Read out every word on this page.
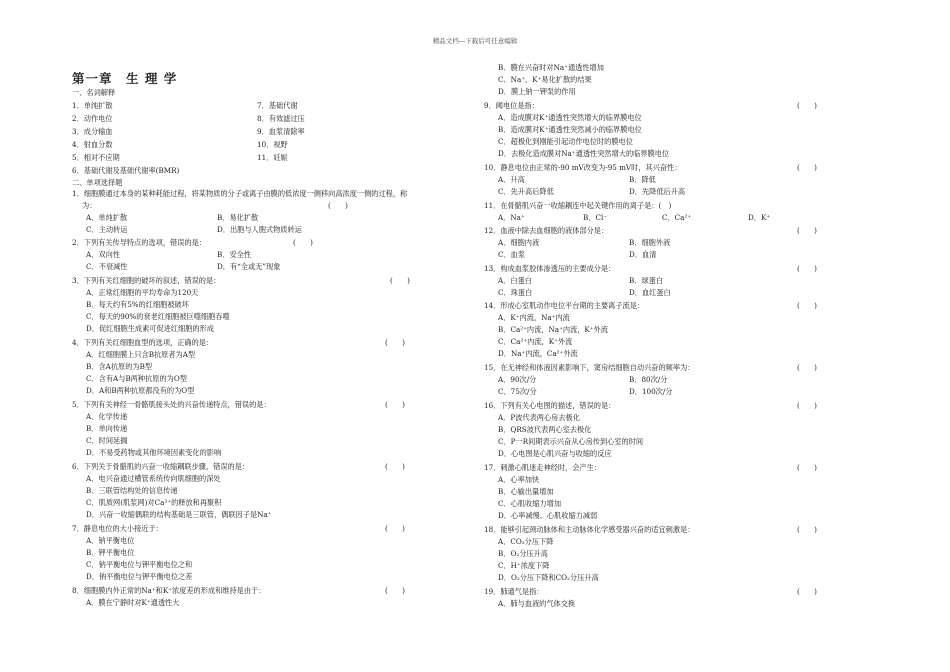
精品文档---下载后可任意编辑
第一章　生 理 学
一、名词解释
1．单纯扩散
2．动作电位
3．成分输血
4．射血分数
5．相对不应期
6．基础代谢及基础代谢率(BMR)
7．基础代谢
8．有效滤过压
9．血浆清除率
10．视野
11．妊娠
二、单项选择题
1．细胞膜通过本身的某种耗能过程，将某物质的分子或离子由膜的低浓度一侧移向高浓度一侧的过程，称
为：	(　　)
A．单纯扩散	B．易化扩散
C．主动转运	D．出胞与人胞式物质转运
2．下列有关传导特点的选项，错误的是：	(　　)
A．双向性	B．安全性
C．不衰减性	D．有“全或无”现象
3．下列有关红细胞的破坏的叙述，错误的是：	(　　)
A．正常红细胞的平均寿命为120天
B．每天约有5%的红细胞被破坏
C．每天的90%的衰老红细胞被巨噬细胞吞噬
D．促红细胞生成素可促进红细胞的形成
4．下列有关红细胞血型的选项，正确的是：	(　　)
A．红细胞膜上只含B抗原者为A型
B．含A抗原的为B型
C．含有A与B两种抗原的为O型
D．A和B两种抗原都没有的为O型
5．下列有关神经一骨骼肌接头处的兴奋传递特点，错误的是：	(　　)
A．化学传递
B．单向传递
C．时间延搁
D．不易受药物或其他环境因素变化的影响
6．下列关于骨骼肌的兴奋一收缩耦联步骤，错误的是：	(　　)
A．电兴奋通过横管系统传向肌细胞的深处
B．三联管结构处的信息传递
C．肌质网(肌浆网)对Ca²⁺的释放和再聚积
D．兴奋一收缩偶联的结构基础是三联管，偶联因子是Na⁺
7．静息电位的大小接近于：	(　　)
A．钠平衡电位
B．钾平衡电位
C．钠平衡电位与钾平衡电位之和
D．钠平衡电位与钾平衡电位之差
8．细胞膜内外正常的Na⁺和K⁺浓度差的形成和维持是由于：	(　　)
A．膜在宁静时对K⁺通透性大
B．膜在兴奋时对Na⁺通透性增加
C．Na⁺、K⁺易化扩散的结果
D．膜上钠一钾泵的作用
9．阈电位是指：	(　　)
A．造成膜对K⁺通透性突然增大的临界膜电位
B．造成膜对K⁺通透性突然减小的临界膜电位
C．超极化到刚能引起动作电位时的膜电位
D．去极化造成膜对Na⁺通透性突然增大的临界膜电位
10．静息电位由正常的-90 mV改变为-95 mV时，其兴奋性：	(　　)
A．升高	B．降低
C．先升高后降低	D．先降低后升高
11．在骨骼肌兴奋一收缩耦连中起关键作用的离子是：(　)
A．Na⁺	B．Cl⁻	C．Ca²⁺	D．K⁺
12．血液中除去血细胞的液体部分是：	(　　)
A．细胞内液	B．细胞外液
C．血浆	D．血清
13．构成血浆胶体渗透压的主要成分是：	(　　)
A．白蛋白	B．球蛋白
C．珠蛋白	D．血红蛋白
14．形成心室肌动作电位平台期的主要离子流是：	(　　)
A．K⁺内流，Na⁺内流
B．Ca²⁺内流，Na⁺内流，K⁺外流
C．Ca²⁺内流，K⁺外流
D．Na⁺内流，Ca²⁺外流
15．在无神经和体液因素影响下，窦房结细胞自动兴奋的频率为：	(　　)
A．90次/分	B．80次/分
C．75次/分	D．100次/分
16．下列有关心电图的描述，错误的是：	(　　)
A．P波代表两心房去极化
B．QRS波代表两心室去极化
C．P一R间期表示兴奋从心房传到心室的时间
D．心电图是心肌兴奋与收缩的反应
17．刺激心肌迷走神经时，会产生：	(　　)
A．心率加快
B．心输出量增加
C．心肌收缩力增加
D．心率减慢、心肌收缩力减弱
18．能够引起颈动脉体和主动脉体化学感受器兴奋的适宜刺激是：	(　　)
A．CO₂分压下降
B．O₂分压升高
C．H⁺浓度下降
D．O₂分压下降和CO₂分压升高
19．肺通气是指：	(　　)
A．肺与血液的气体交换
